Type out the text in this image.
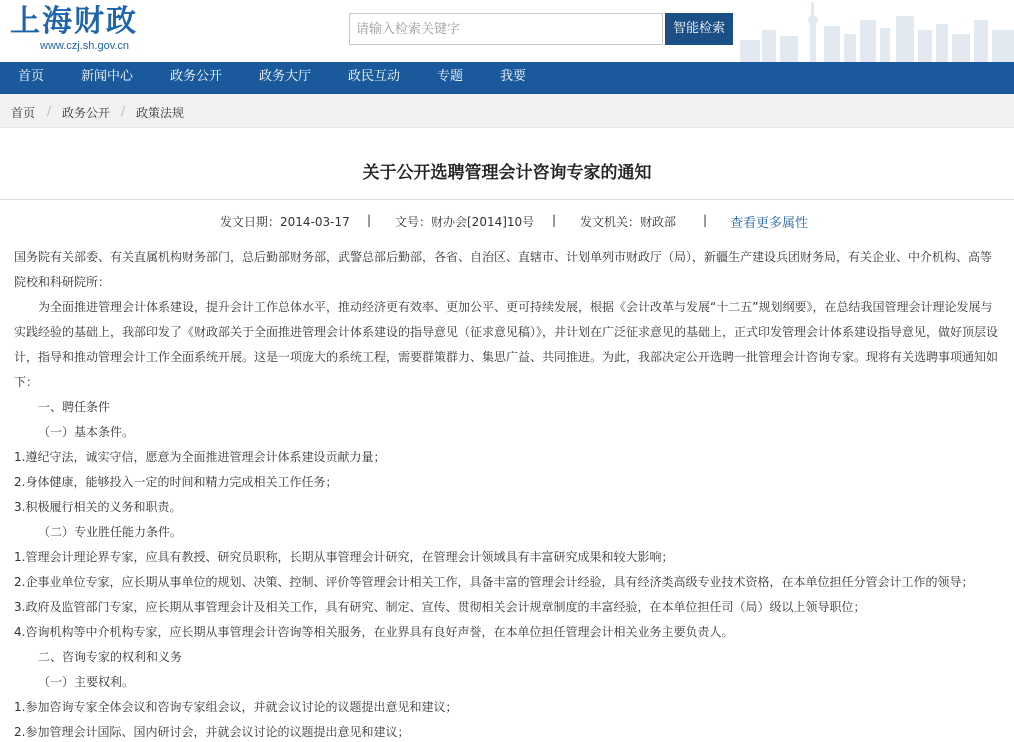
上海财政
www.czj.sh.gov.cn
请输入检索关键字
智能检索
首页	新闻中心	政务公开	政务大厅	政民互动	专题	我要
首页 / 政务公开 / 政策法规
关于公开选聘管理会计咨询专家的通知
发文日期：2014-03-17 | 文号：财办会[2014]10号 | 发文机关：财政部 | 查看更多属性

国务院有关部委、有关直属机构财务部门，总后勤部财务部，武警总部后勤部，各省、自治区、直辖市、计划单列市财政厅（局），新疆生产建设兵团财务局，有关企业、中介机构、高等院校和科研院所：

为全面推进管理会计体系建设，提升会计工作总体水平，推动经济更有效率、更加公平、更可持续发展，根据《会计改革与发展“十二五”规划纲要》，在总结我国管理会计理论发展与实践经验的基础上，我部印发了《财政部关于全面推进管理会计体系建设的指导意见（征求意见稿）》，并计划在广泛征求意见的基础上，正式印发管理会计体系建设指导意见，做好顶层设计，指导和推动管理会计工作全面系统开展。这是一项庞大的系统工程，需要群策群力、集思广益、共同推进。为此，我部决定公开选聘一批管理会计咨询专家。现将有关选聘事项通知如下：

一、聘任条件

（一）基本条件。

1.遵纪守法，诚实守信，愿意为全面推进管理会计体系建设贡献力量；

2.身体健康，能够投入一定的时间和精力完成相关工作任务；

3.积极履行相关的义务和职责。

（二）专业胜任能力条件。

1.管理会计理论界专家，应具有教授、研究员职称，长期从事管理会计研究，在管理会计领域具有丰富研究成果和较大影响；

2.企事业单位专家，应长期从事单位的规划、决策、控制、评价等管理会计相关工作，具备丰富的管理会计经验，具有经济类高级专业技术资格，在本单位担任分管会计工作的领导；

3.政府及监管部门专家，应长期从事管理会计及相关工作，具有研究、制定、宣传、贯彻相关会计规章制度的丰富经验，在本单位担任司（局）级以上领导职位；

4.咨询机构等中介机构专家，应长期从事管理会计咨询等相关服务，在业界具有良好声誉，在本单位担任管理会计相关业务主要负责人。

二、咨询专家的权利和义务

（一）主要权利。

1.参加咨询专家全体会议和咨询专家组会议，并就会议讨论的议题提出意见和建议；

2.参加管理会计国际、国内研讨会，并就会议讨论的议题提出意见和建议；
